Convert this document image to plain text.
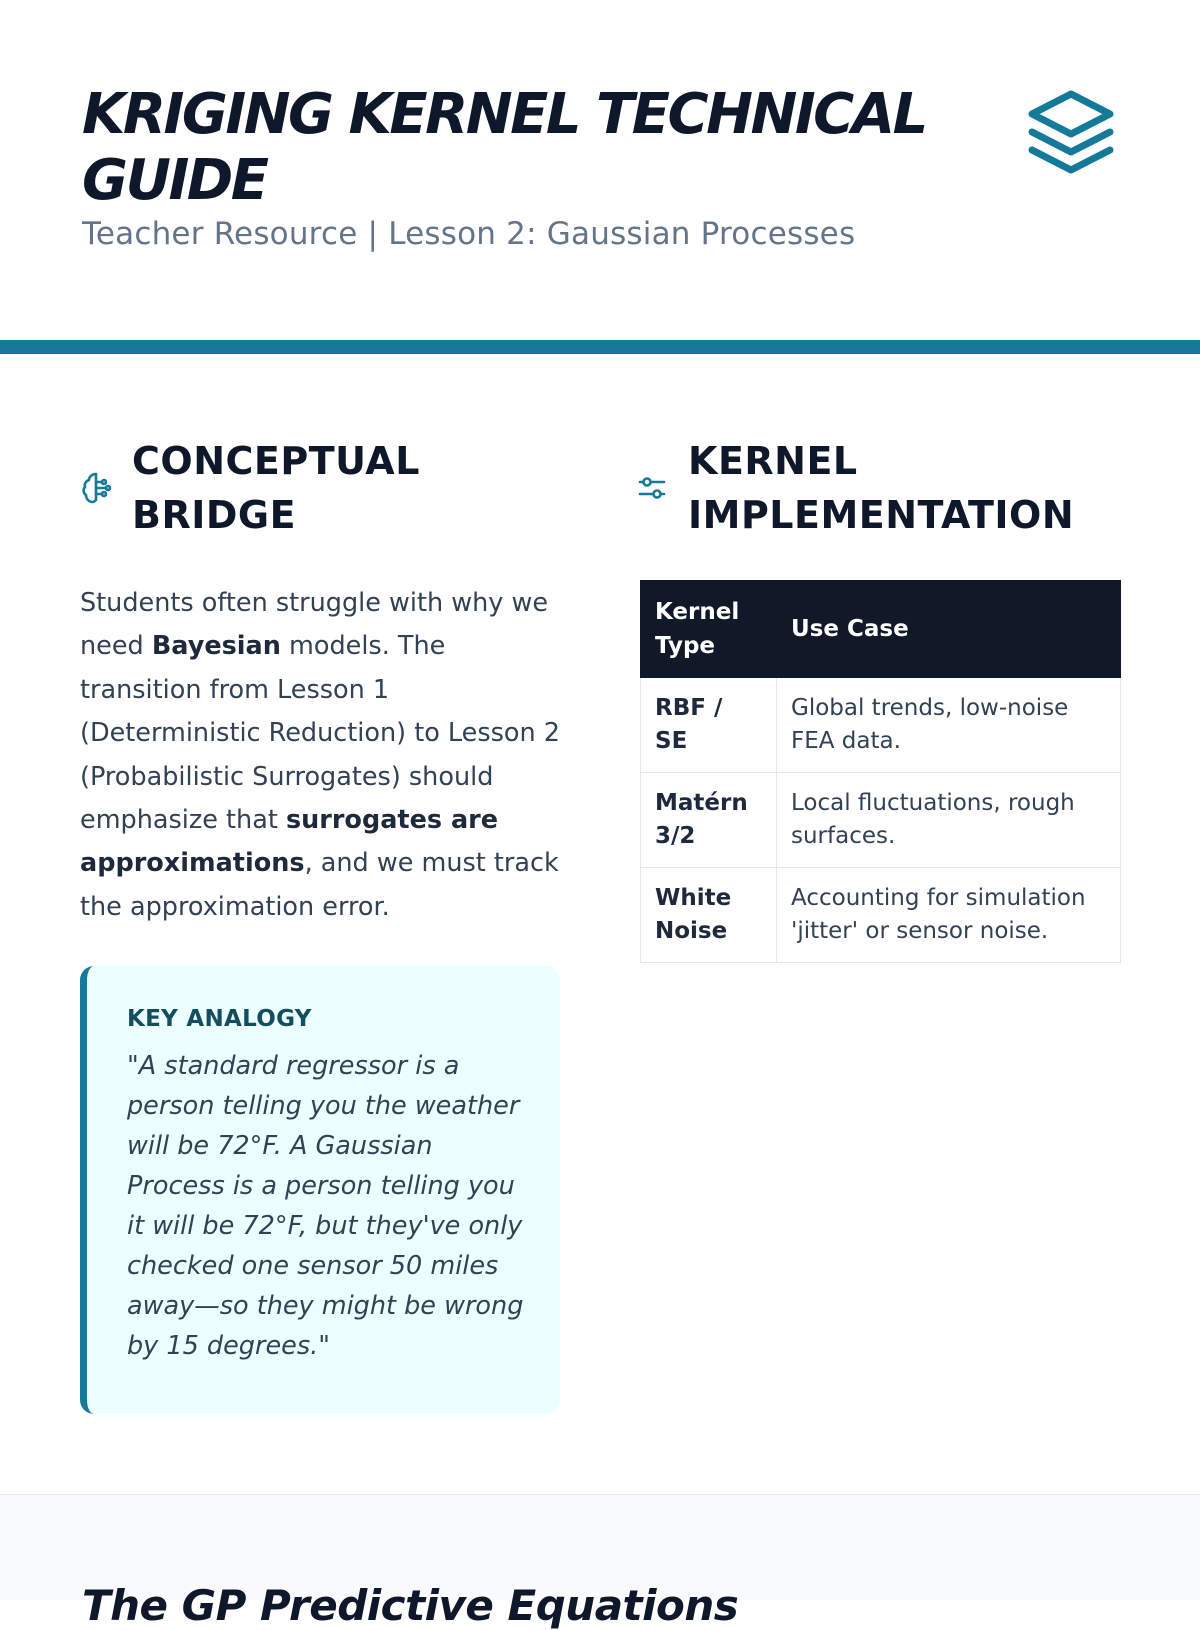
KRIGING KERNEL TECHNICAL GUIDE
Teacher Resource | Lesson 2: Gaussian Processes
CONCEPTUAL BRIDGE
KERNEL IMPLEMENTATION

Students often struggle with why we need Bayesian models. The transition from Lesson 1 (Deterministic Reduction) to Lesson 2 (Probabilistic Surrogates) should emphasize that surrogates are approximations, and we must track the approximation error.

KEY ANALOGY
"A standard regressor is a person telling you the weather will be 72°F. A Gaussian Process is a person telling you it will be 72°F, but they've only checked one sensor 50 miles away—so they might be wrong by 15 degrees."
Kernel Type	Use Case
RBF / SE	Global trends, low-noise FEA data.
Matérn 3/2	Local fluctuations, rough surfaces.
White Noise	Accounting for simulation 'jitter' or sensor noise.
The GP Predictive Equations
